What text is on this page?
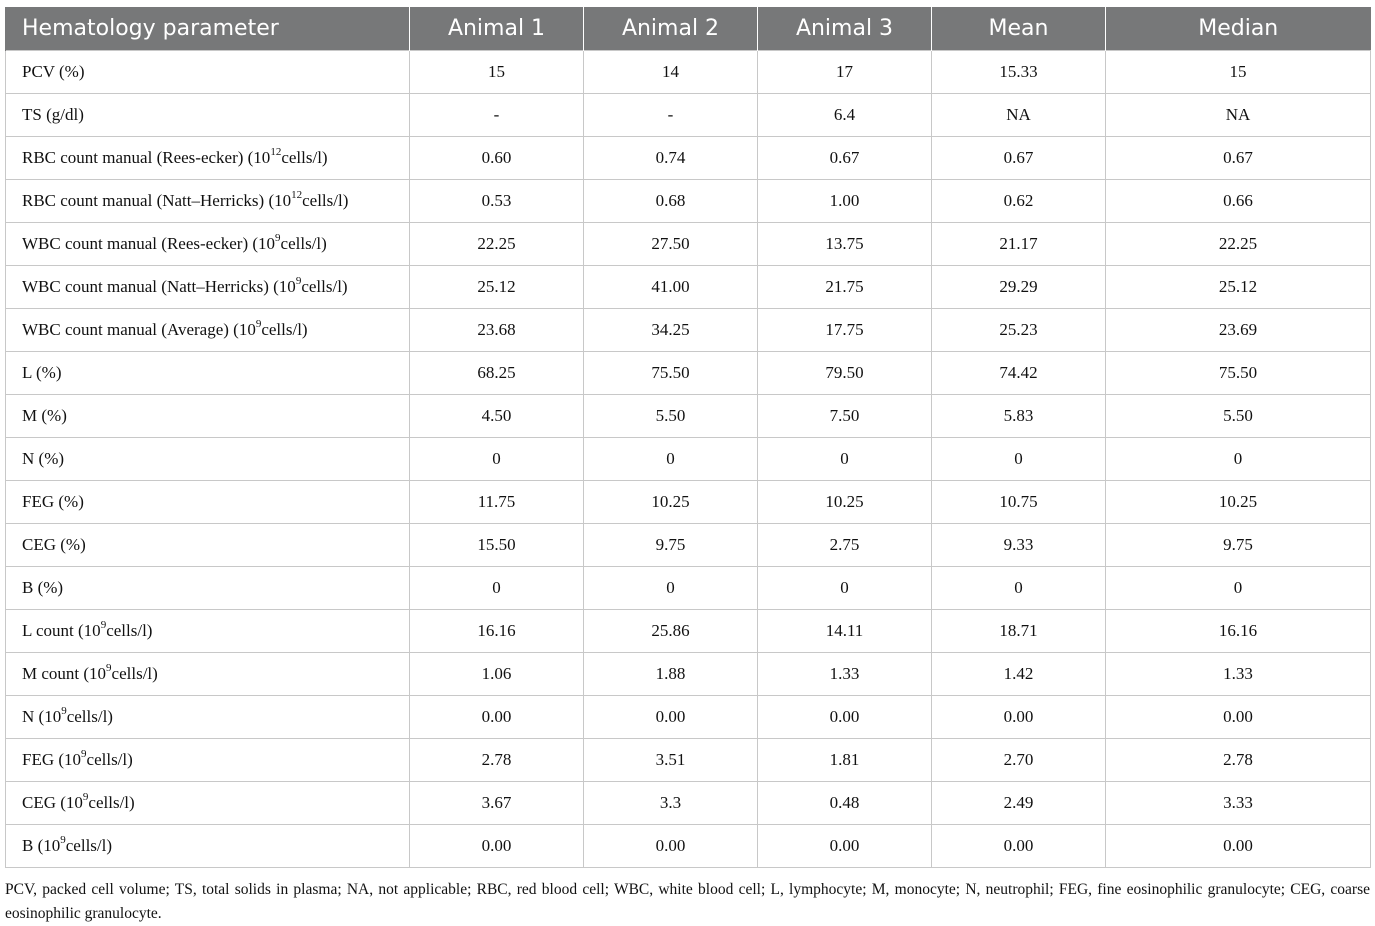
Hematology parameter	Animal 1	Animal 2	Animal 3	Mean	Median
PCV (%)	15	14	17	15.33	15
TS (g/dl)	-	-	6.4	NA	NA
RBC count manual (Rees-ecker) $(10^{12}cells/l)$	0.60	0.74	0.67	0.67	0.67
RBC count manual (Natt–Herricks) $(10^{12}cells/l)$	0.53	0.68	1.00	0.62	0.66
WBC count manual (Rees-ecker) $(10^9cells/l)$	22.25	27.50	13.75	21.17	22.25
WBC count manual (Natt–Herricks) $(10^9cells/l)$	25.12	41.00	21.75	29.29	25.12
WBC count manual (Average) $(10^9cells/l)$	23.68	34.25	17.75	25.23	23.69
L (%)	68.25	75.50	79.50	74.42	75.50
M (%)	4.50	5.50	7.50	5.83	5.50
N (%)	0	0	0	0	0
FEG (%)	11.75	10.25	10.25	10.75	10.25
CEG (%)	15.50	9.75	2.75	9.33	9.75
B (%)	0	0	0	0	0
L count $(10^9cells/l)$	16.16	25.86	14.11	18.71	16.16
M count $(10^9cells/l)$	1.06	1.88	1.33	1.42	1.33
N $(10^9cells/l)$	0.00	0.00	0.00	0.00	0.00
FEG $(10^9cells/l)$	2.78	3.51	1.81	2.70	2.78
CEG $(10^9cells/l)$	3.67	3.3	0.48	2.49	3.33
B $(10^9cells/l)$	0.00	0.00	0.00	0.00	0.00

PCV, packed cell volume; TS, total solids in plasma; NA, not applicable; RBC, red blood cell; WBC, white blood cell; L, lymphocyte; M, monocyte; N, neutrophil; FEG, fine eosinophilic granulocyte; CEG, coarse eosinophilic granulocyte.
